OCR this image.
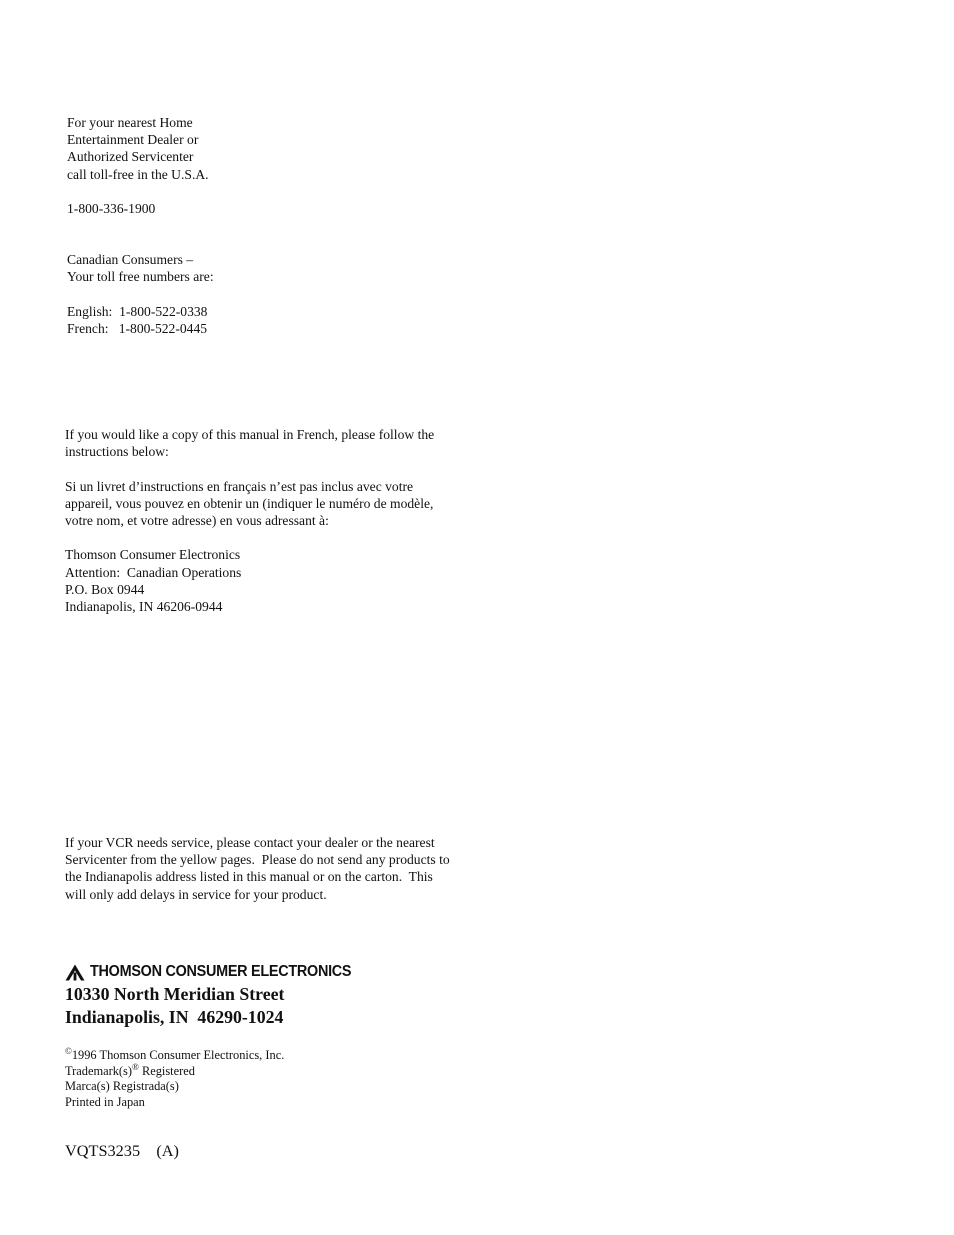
For your nearest Home
Entertainment Dealer or
Authorized Servicenter
call toll-free in the U.S.A.
1-800-336-1900
Canadian Consumers –
Your toll free numbers are:
English:  1-800-522-0338
French:   1-800-522-0445
If you would like a copy of this manual in French, please follow the
instructions below:
Si un livret d’instructions en français n’est pas inclus avec votre
appareil, vous pouvez en obtenir un (indiquer le numéro de modèle,
votre nom, et votre adresse) en vous adressant à:
Thomson Consumer Electronics
Attention:  Canadian Operations
P.O. Box 0944
Indianapolis, IN 46206-0944
If your VCR needs service, please contact your dealer or the nearest
Servicenter from the yellow pages.  Please do not send any products to
the Indianapolis address listed in this manual or on the carton.  This
will only add delays in service for your product.
THOMSON CONSUMER ELECTRONICS
10330 North Meridian Street
Indianapolis, IN  46290-1024
©1996 Thomson Consumer Electronics, Inc.
Trademark(s)® Registered
Marca(s) Registrada(s)
Printed in Japan
VQTS3235    (A)
